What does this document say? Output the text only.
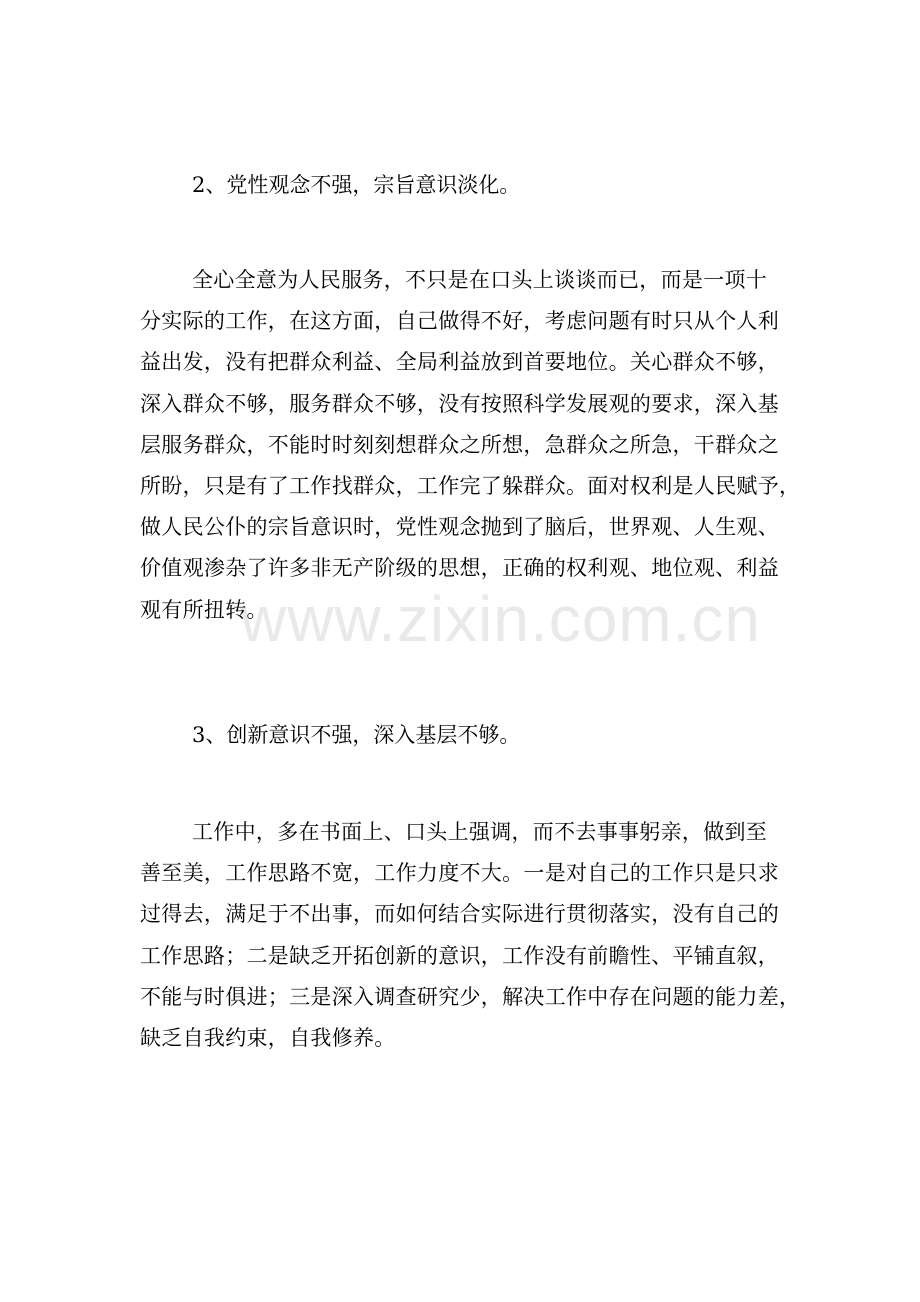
www.zixin.com.cn
2、党性观念不强，宗旨意识淡化。
全心全意为人民服务，不只是在口头上谈谈而已，而是一项十
分实际的工作，在这方面，自己做得不好，考虑问题有时只从个人利
益出发，没有把群众利益、全局利益放到首要地位。关心群众不够，
深入群众不够，服务群众不够，没有按照科学发展观的要求，深入基
层服务群众，不能时时刻刻想群众之所想，急群众之所急，干群众之
所盼，只是有了工作找群众，工作完了躲群众。面对权利是人民赋予，
做人民公仆的宗旨意识时，党性观念抛到了脑后，世界观、人生观、
价值观渗杂了许多非无产阶级的思想，正确的权利观、地位观、利益
观有所扭转。
3、创新意识不强，深入基层不够。
工作中，多在书面上、口头上强调，而不去事事躬亲，做到至
善至美，工作思路不宽，工作力度不大。一是对自己的工作只是只求
过得去，满足于不出事，而如何结合实际进行贯彻落实，没有自己的
工作思路；二是缺乏开拓创新的意识，工作没有前瞻性、平铺直叙，
不能与时俱进；三是深入调查研究少，解决工作中存在问题的能力差，
缺乏自我约束，自我修养。
